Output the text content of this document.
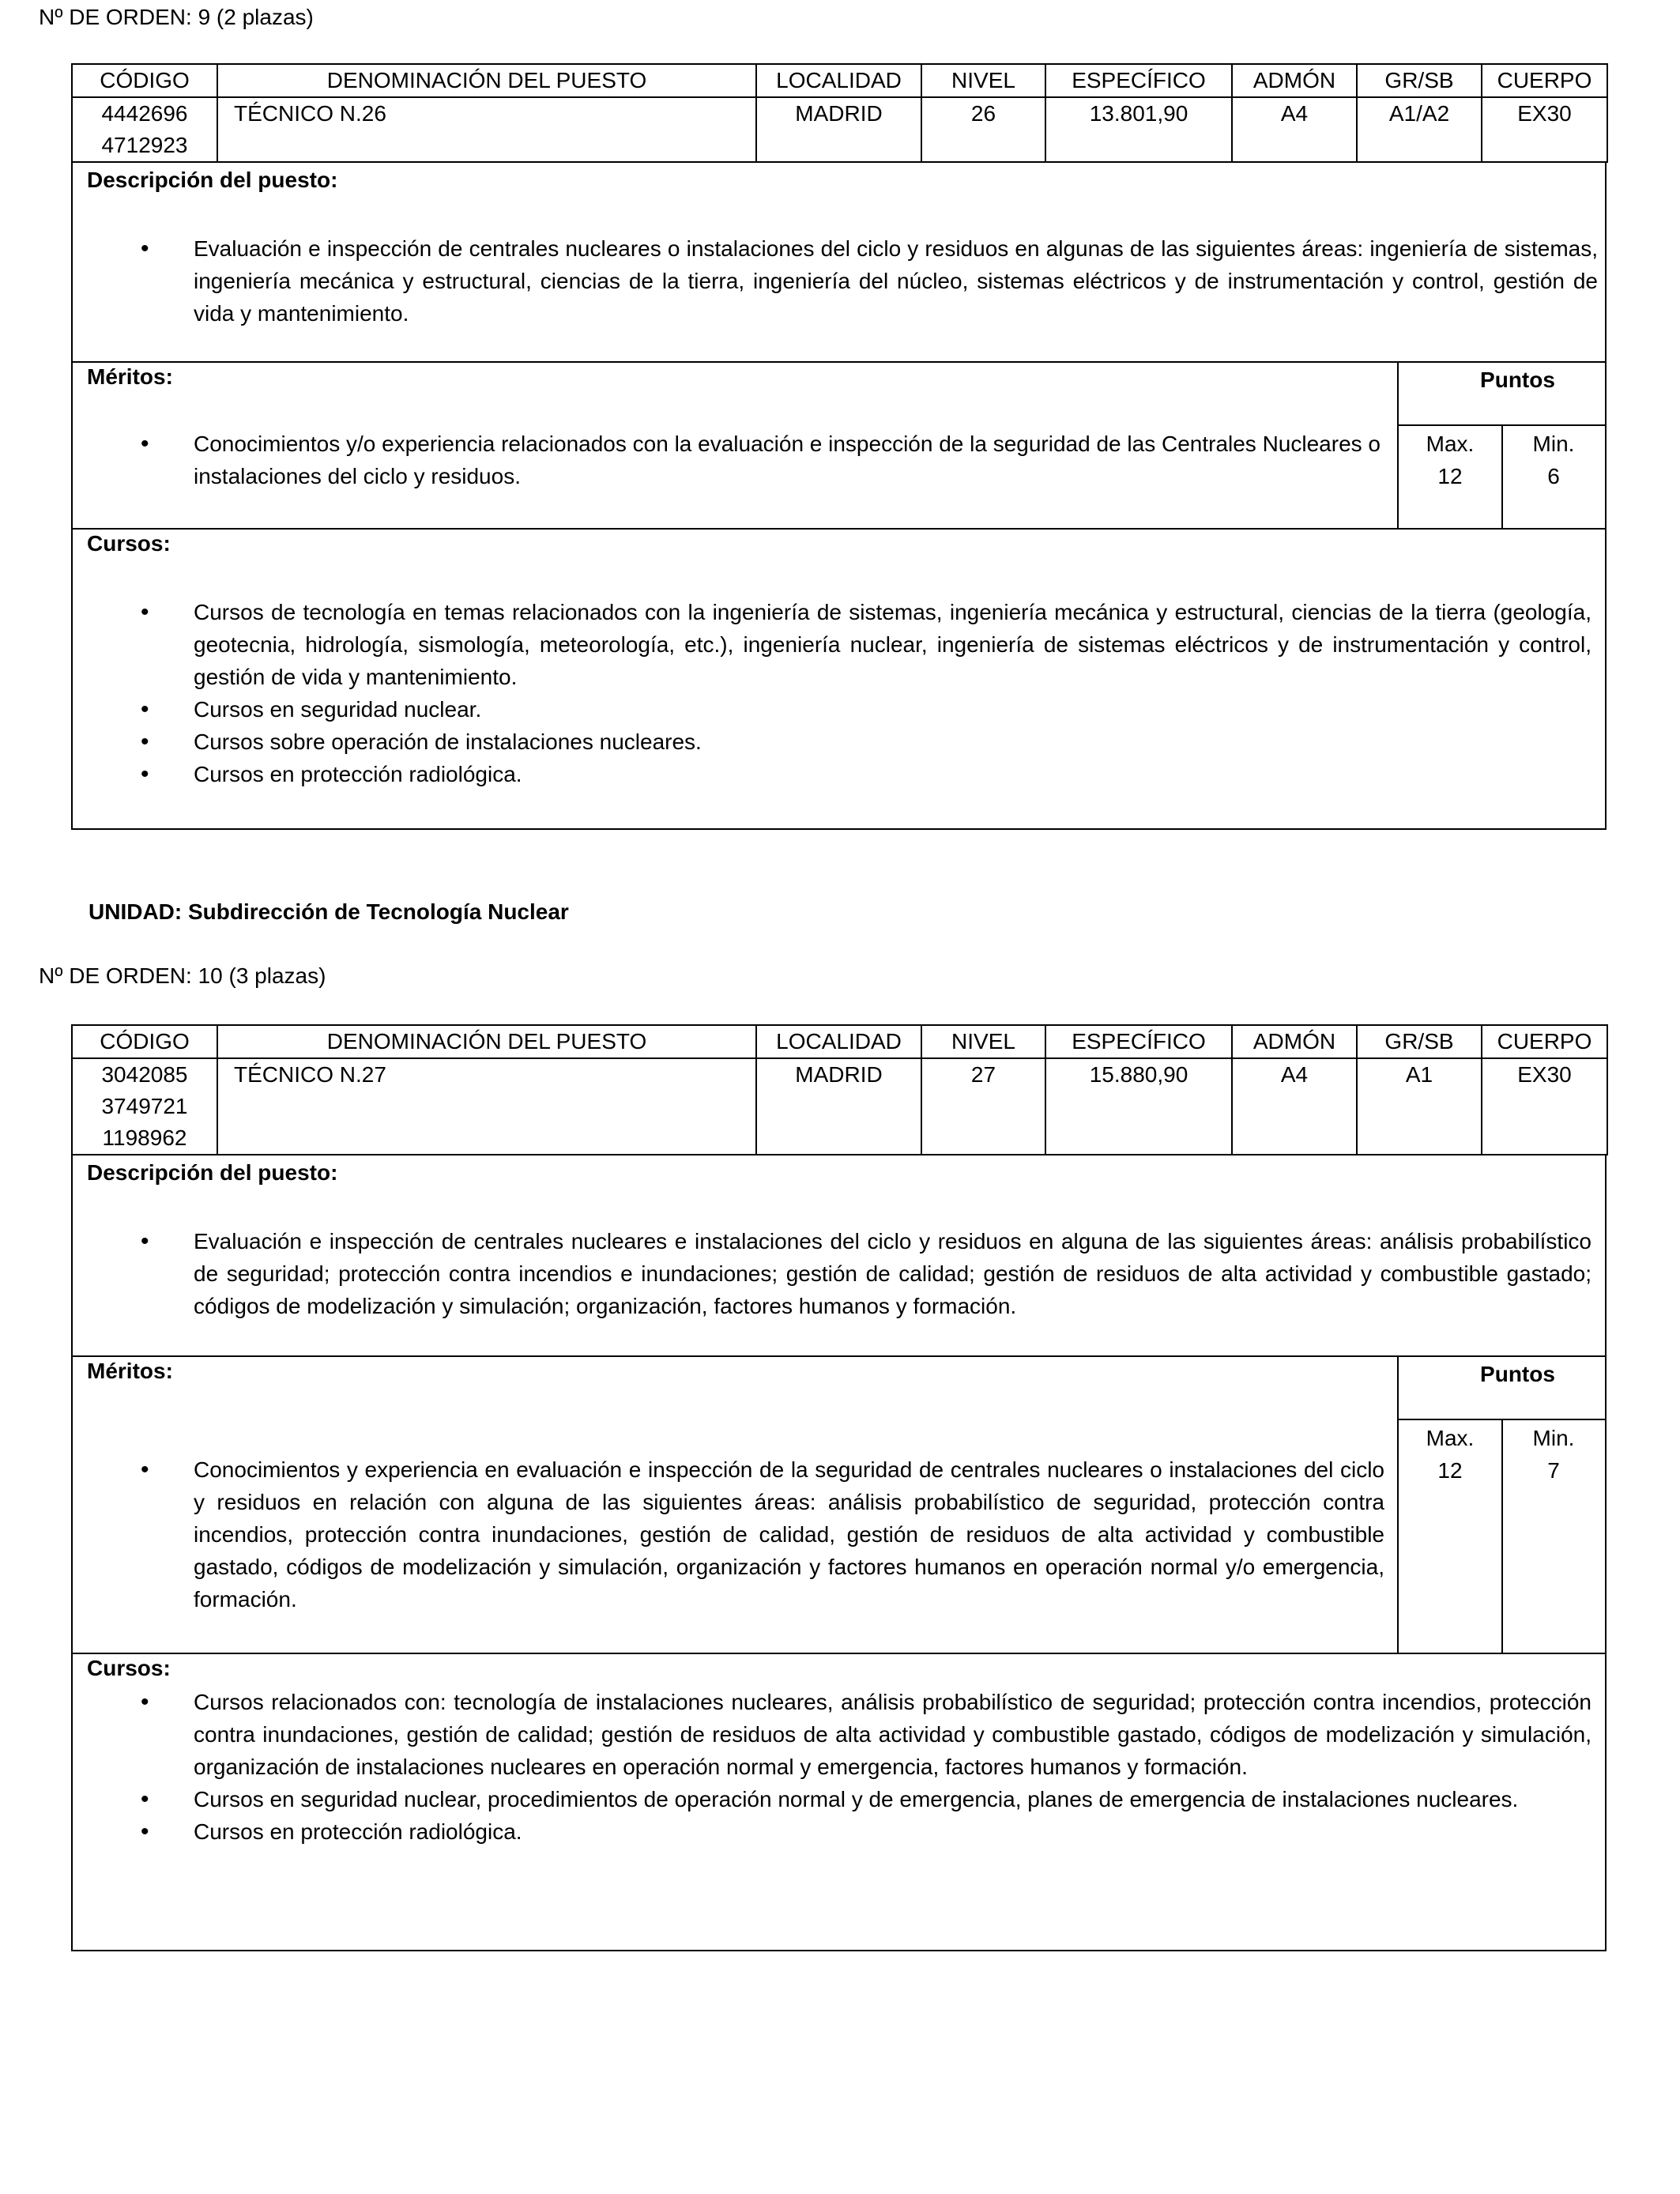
Nº DE ORDEN: 9 (2 plazas)

CÓDIGO	DENOMINACIÓN DEL PUESTO	LOCALIDAD	NIVEL	ESPECÍFICO	ADMÓN	GR/SB	CUERPO

4442696
4712923	TÉCNICO N.26	MADRID	26	13.801,90	A4	A1/A2	EX30

Descripción del puesto:

• Evaluación e inspección de centrales nucleares o instalaciones del ciclo y residuos en algunas de las siguientes áreas: ingeniería de sistemas, ingeniería mecánica y estructural, ciencias de la tierra, ingeniería del núcleo, sistemas eléctricos y de instrumentación y control, gestión de vida y mantenimiento.

Méritos:

• Conocimientos y/o experiencia relacionados con la evaluación e inspección de la seguridad de las Centrales Nucleares o instalaciones del ciclo y residuos.
Puntos
Max.
12
Min.
6

Cursos:

• Cursos de tecnología en temas relacionados con la ingeniería de sistemas, ingeniería mecánica y estructural, ciencias de la tierra (geología, geotecnia, hidrología, sismología, meteorología, etc.), ingeniería nuclear, ingeniería de sistemas eléctricos y de instrumentación y control, gestión de vida y mantenimiento.
• Cursos en seguridad nuclear.
• Cursos sobre operación de instalaciones nucleares.
• Cursos en protección radiológica.

UNIDAD: Subdirección de Tecnología Nuclear

Nº DE ORDEN: 10 (3 plazas)

CÓDIGO	DENOMINACIÓN DEL PUESTO	LOCALIDAD	NIVEL	ESPECÍFICO	ADMÓN	GR/SB	CUERPO

3042085
3749721
1198962	TÉCNICO N.27	MADRID	27	15.880,90	A4	A1	EX30

Descripción del puesto:

• Evaluación e inspección de centrales nucleares e instalaciones del ciclo y residuos en alguna de las siguientes áreas: análisis probabilístico de seguridad; protección contra incendios e inundaciones; gestión de calidad; gestión de residuos de alta actividad y combustible gastado; códigos de modelización y simulación; organización, factores humanos y formación.

Méritos:

• Conocimientos y experiencia en evaluación e inspección de la seguridad de centrales nucleares o instalaciones del ciclo y residuos en relación con alguna de las siguientes áreas: análisis probabilístico de seguridad, protección contra incendios, protección contra inundaciones, gestión de calidad, gestión de residuos de alta actividad y combustible gastado, códigos de modelización y simulación, organización y factores humanos en operación normal y/o emergencia, formación.
Puntos
Max.
12
Min.
7

Cursos:

• Cursos relacionados con: tecnología de instalaciones nucleares, análisis probabilístico de seguridad; protección contra incendios, protección contra inundaciones, gestión de calidad; gestión de residuos de alta actividad y combustible gastado, códigos de modelización y simulación, organización de instalaciones nucleares en operación normal y emergencia, factores humanos y formación.
• Cursos en seguridad nuclear, procedimientos de operación normal y de emergencia, planes de emergencia de instalaciones nucleares.
• Cursos en protección radiológica.
